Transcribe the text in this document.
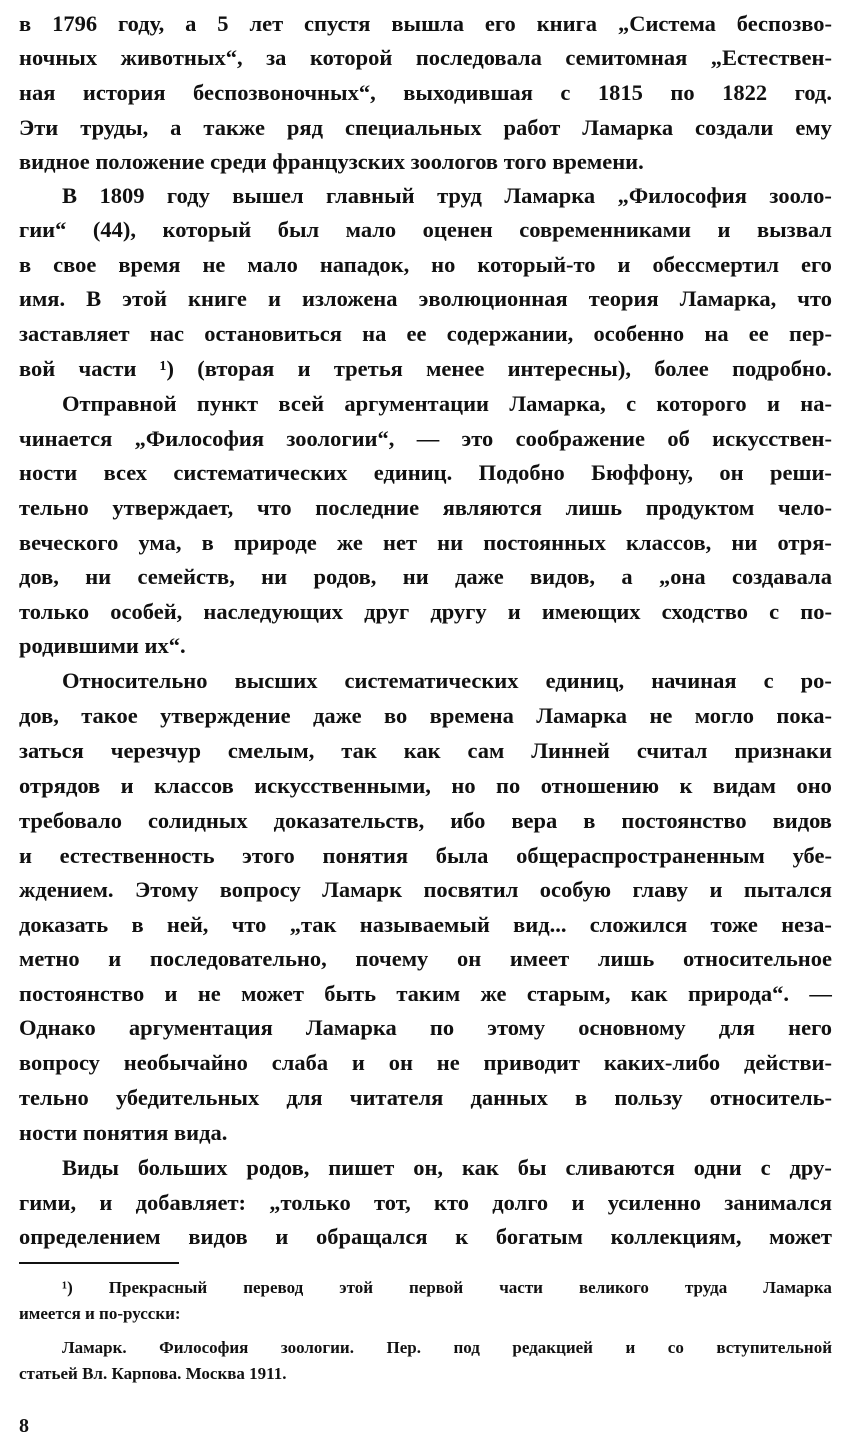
в 1796 году, а 5 лет спустя вышла его книга „Система беспозво-
ночных животных“, за которой последовала семитомная „Естествен-
ная история беспозвоночных“, выходившая с 1815 по 1822 год.
Эти труды, а также ряд специальных работ Ламарка создали ему
видное положение среди французских зоологов того времени.
В 1809 году вышел главный труд Ламарка „Философия зооло-
гии“ (44), который был мало оценен современниками и вызвал
в свое время не мало нападок, но который-то и обессмертил его
имя. В этой книге и изложена эволюционная теория Ламарка, что
заставляет нас остановиться на ее содержании, особенно на ее пер-
вой части ¹) (вторая и третья менее интересны), более подробно.
Отправной пункт всей аргументации Ламарка, с которого и на-
чинается „Философия зоологии“, — это соображение об искусствен-
ности всех систематических единиц. Подобно Бюффону, он реши-
тельно утверждает, что последние являются лишь продуктом чело-
веческого ума, в природе же нет ни постоянных классов, ни отря-
дов, ни семейств, ни родов, ни даже видов, а „она создавала
только особей, наследующих друг другу и имеющих сходство с по-
родившими их“.
Относительно высших систематических единиц, начиная с ро-
дов, такое утверждение даже во времена Ламарка не могло пока-
заться черезчур смелым, так как сам Линней считал признаки
отрядов и классов искусственными, но по отношению к видам оно
требовало солидных доказательств, ибо вера в постоянство видов
и естественность этого понятия была общераспространенным убе-
ждением. Этому вопросу Ламарк посвятил особую главу и пытался
доказать в ней, что „так называемый вид... сложился тоже неза-
метно и последовательно, почему он имеет лишь относительное
постоянство и не может быть таким же старым, как природа“. —
Однако аргументация Ламарка по этому основному для него
вопросу необычайно слаба и он не приводит каких-либо действи-
тельно убедительных для читателя данных в пользу относитель-
ности понятия вида.
Виды больших родов, пишет он, как бы сливаются одни с дру-
гими, и добавляет: „только тот, кто долго и усиленно занимался
определением видов и обращался к богатым коллекциям, может
¹) Прекрасный перевод этой первой части великого труда Ламарка
имеется и по-русски:
Ламарк. Философия зоологии. Пер. под редакцией и со вступительной
статьей Вл. Карпова. Москва 1911.
8
